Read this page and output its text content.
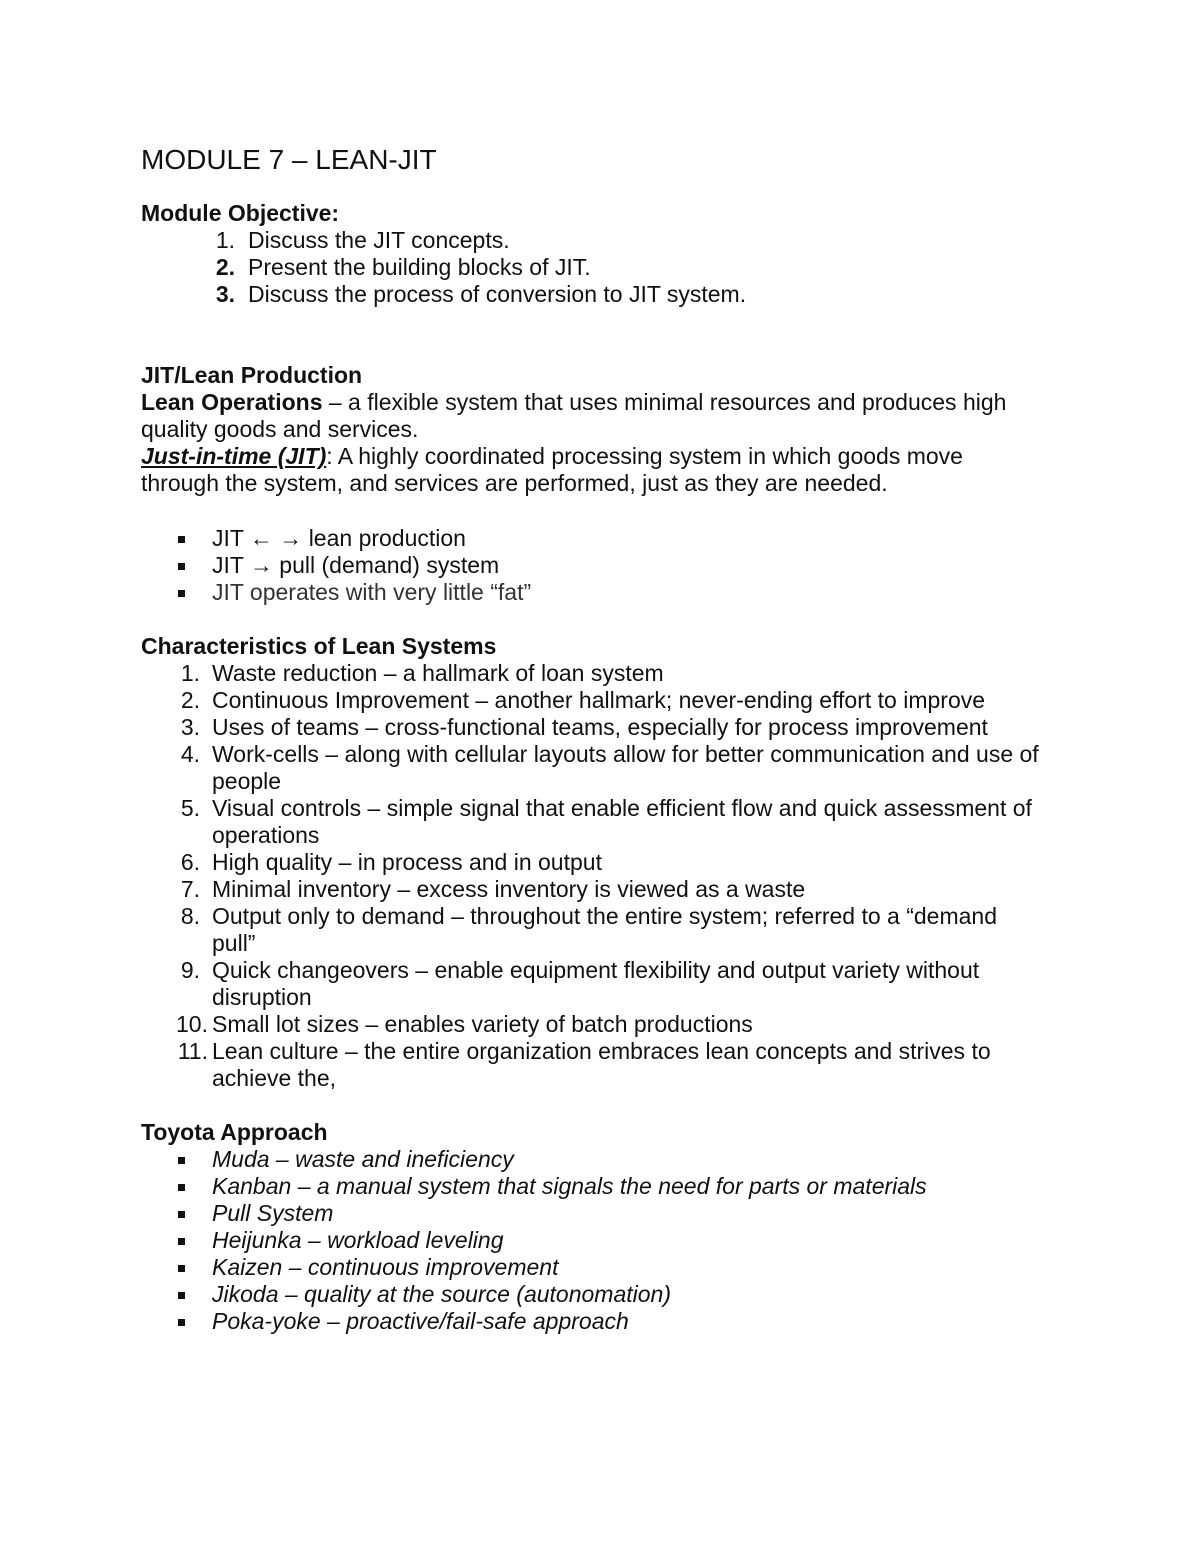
MODULE 7 – LEAN-JIT
Module Objective:
1. Discuss the JIT concepts.
2. Present the building blocks of JIT.
3. Discuss the process of conversion to JIT system.
JIT/Lean Production
Lean Operations – a flexible system that uses minimal resources and produces high
quality goods and services.
Just-in-time (JIT): A highly coordinated processing system in which goods move
through the system, and services are performed, just as they are needed.
JIT ← → lean production
JIT → pull (demand) system
JIT operates with very little “fat”
Characteristics of Lean Systems
1. Waste reduction – a hallmark of loan system
2. Continuous Improvement – another hallmark; never-ending effort to improve
3. Uses of teams – cross-functional teams, especially for process improvement
4. Work-cells – along with cellular layouts allow for better communication and use of
people
5. Visual controls – simple signal that enable efficient flow and quick assessment of
operations
6. High quality – in process and in output
7. Minimal inventory – excess inventory is viewed as a waste
8. Output only to demand – throughout the entire system; referred to a “demand
pull”
9. Quick changeovers – enable equipment flexibility and output variety without
disruption
10. Small lot sizes – enables variety of batch productions
11. Lean culture – the entire organization embraces lean concepts and strives to
achieve the,
Toyota Approach
Muda – waste and ineficiency
Kanban – a manual system that signals the need for parts or materials
Pull System
Heijunka – workload leveling
Kaizen – continuous improvement
Jikoda – quality at the source (autonomation)
Poka-yoke – proactive/fail-safe approach
